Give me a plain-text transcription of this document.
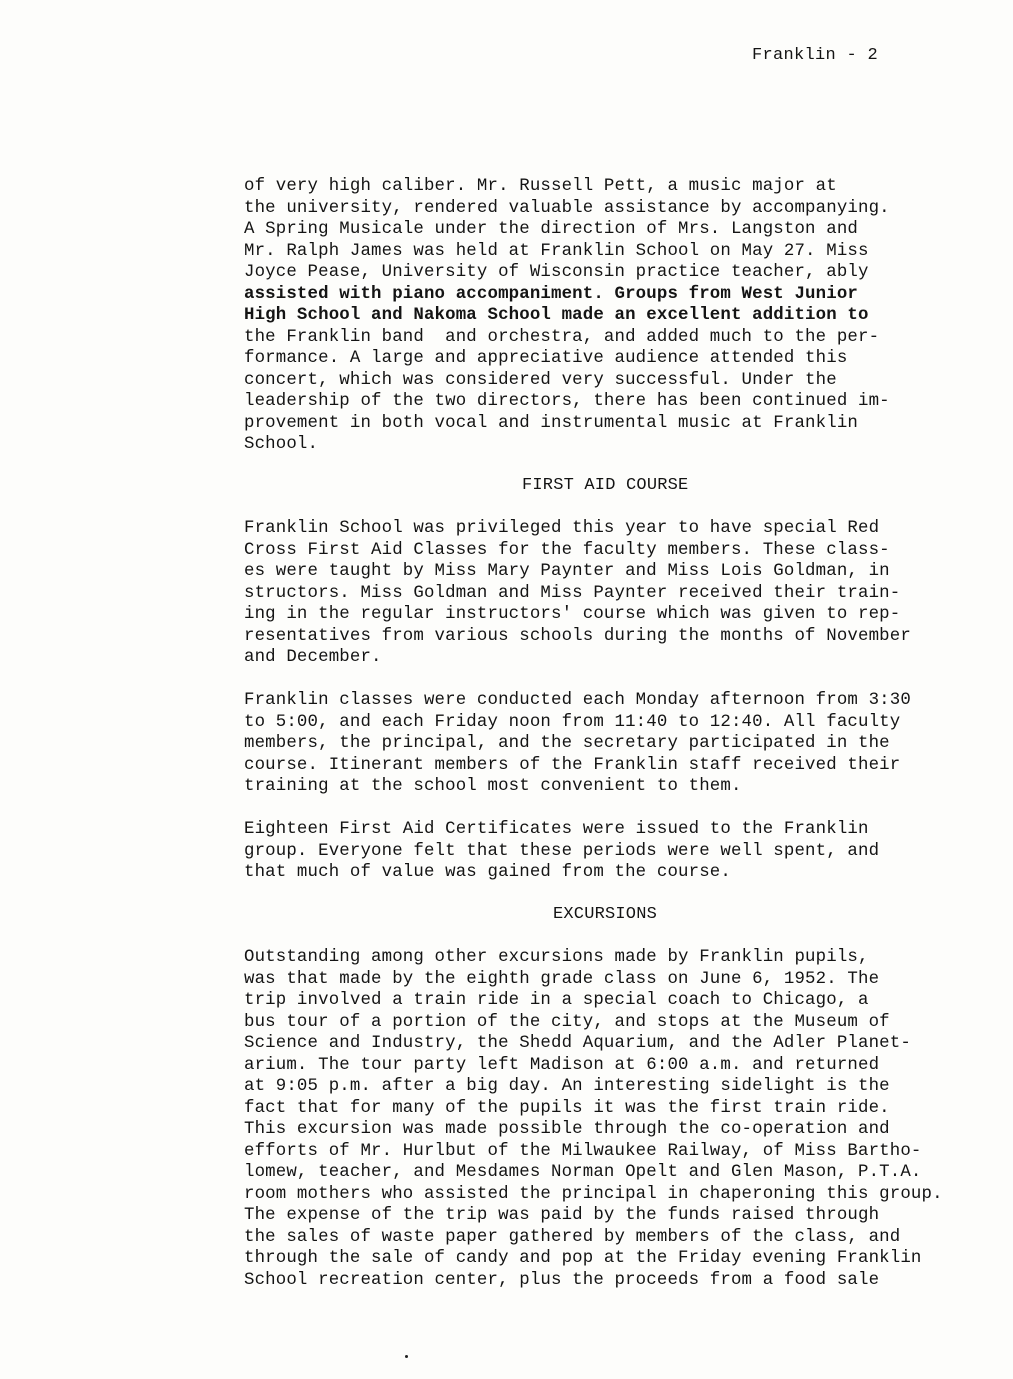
Franklin - 2
of very high caliber. Mr. Russell Pett, a music major at
the university, rendered valuable assistance by accompanying.
A Spring Musicale under the direction of Mrs. Langston and
Mr. Ralph James was held at Franklin School on May 27. Miss
Joyce Pease, University of Wisconsin practice teacher, ably
assisted with piano accompaniment. Groups from West Junior
High School and Nakoma School made an excellent addition to
the Franklin band  and orchestra, and added much to the per-
formance. A large and appreciative audience attended this
concert, which was considered very successful. Under the
leadership of the two directors, there has been continued im-
provement in both vocal and instrumental music at Franklin
School.
FIRST AID COURSE
Franklin School was privileged this year to have special Red
Cross First Aid Classes for the faculty members. These class-
es were taught by Miss Mary Paynter and Miss Lois Goldman, in
structors. Miss Goldman and Miss Paynter received their train-
ing in the regular instructors' course which was given to rep-
resentatives from various schools during the months of November
and December.
Franklin classes were conducted each Monday afternoon from 3:30
to 5:00, and each Friday noon from 11:40 to 12:40. All faculty
members, the principal, and the secretary participated in the
course. Itinerant members of the Franklin staff received their
training at the school most convenient to them.
Eighteen First Aid Certificates were issued to the Franklin
group. Everyone felt that these periods were well spent, and
that much of value was gained from the course.
EXCURSIONS
Outstanding among other excursions made by Franklin pupils,
was that made by the eighth grade class on June 6, 1952. The
trip involved a train ride in a special coach to Chicago, a
bus tour of a portion of the city, and stops at the Museum of
Science and Industry, the Shedd Aquarium, and the Adler Planet-
arium. The tour party left Madison at 6:00 a.m. and returned
at 9:05 p.m. after a big day. An interesting sidelight is the
fact that for many of the pupils it was the first train ride.
This excursion was made possible through the co-operation and
efforts of Mr. Hurlbut of the Milwaukee Railway, of Miss Bartho-
lomew, teacher, and Mesdames Norman Opelt and Glen Mason, P.T.A.
room mothers who assisted the principal in chaperoning this group.
The expense of the trip was paid by the funds raised through
the sales of waste paper gathered by members of the class, and
through the sale of candy and pop at the Friday evening Franklin
School recreation center, plus the proceeds from a food sale
